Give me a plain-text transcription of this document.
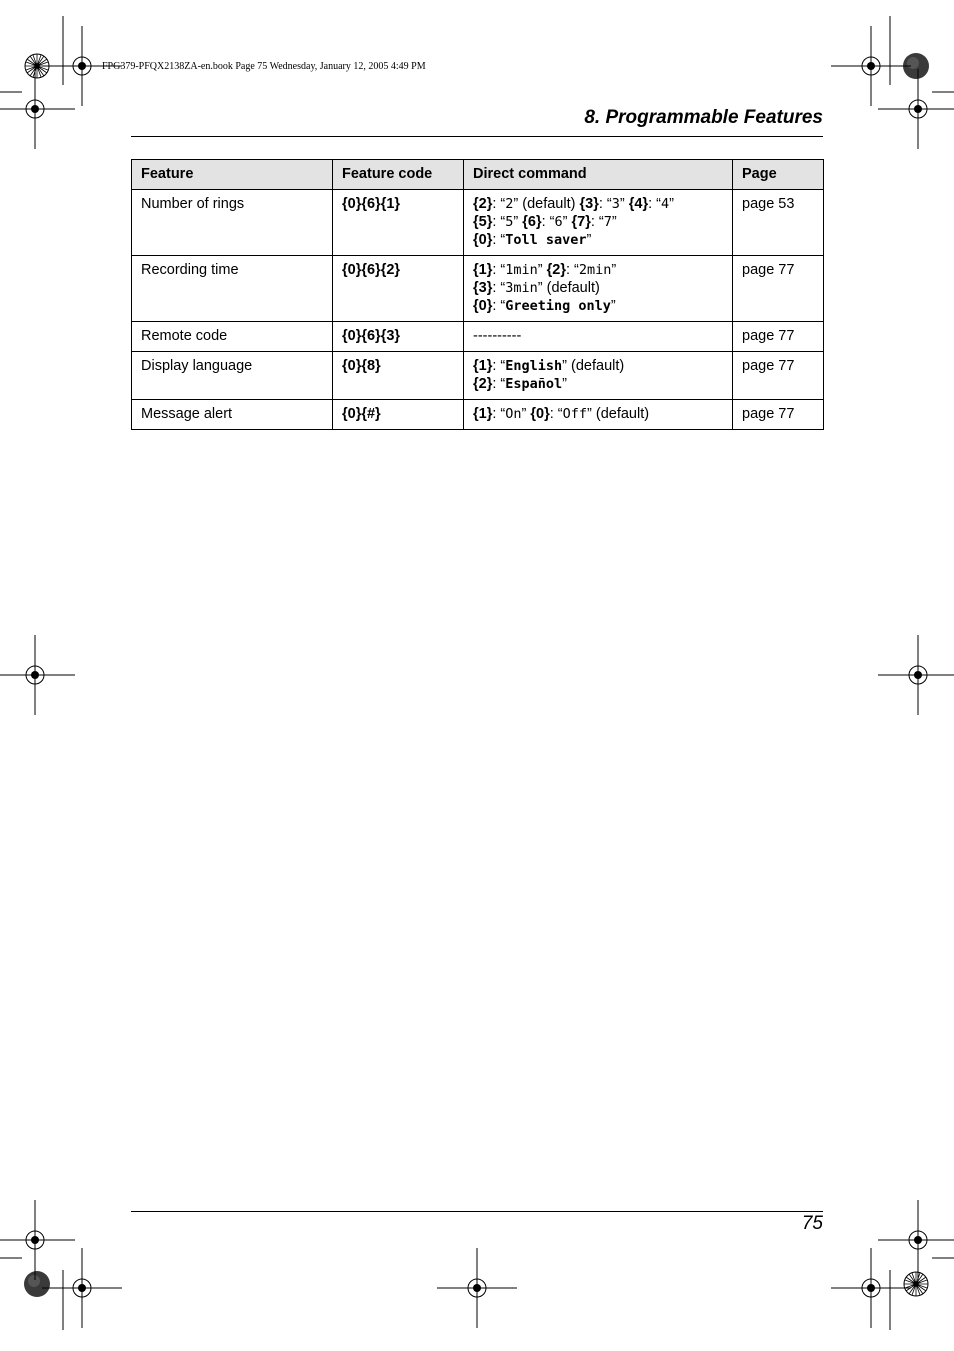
FPG379-PFQX2138ZA-en.book Page 75 Wednesday, January 12, 2005 4:49 PM
8. Programmable Features
Feature	Feature code	Direct command	Page
Number of rings	{0}{6}{1}	{2}: “2” (default) {3}: “3” {4}: “4”
{5}: “5” {6}: “6” {7}: “7”
{0}: “Toll saver”	page 53
Recording time	{0}{6}{2}	{1}: “1min” {2}: “2min”
{3}: “3min” (default)
{0}: “Greeting only”	page 77
Remote code	{0}{6}{3}	----------	page 77
Display language	{0}{8}	{1}: “English” (default)
{2}: “Español”	page 77
Message alert	{0}{#}	{1}: “On” {0}: “Off” (default)	page 77
75
